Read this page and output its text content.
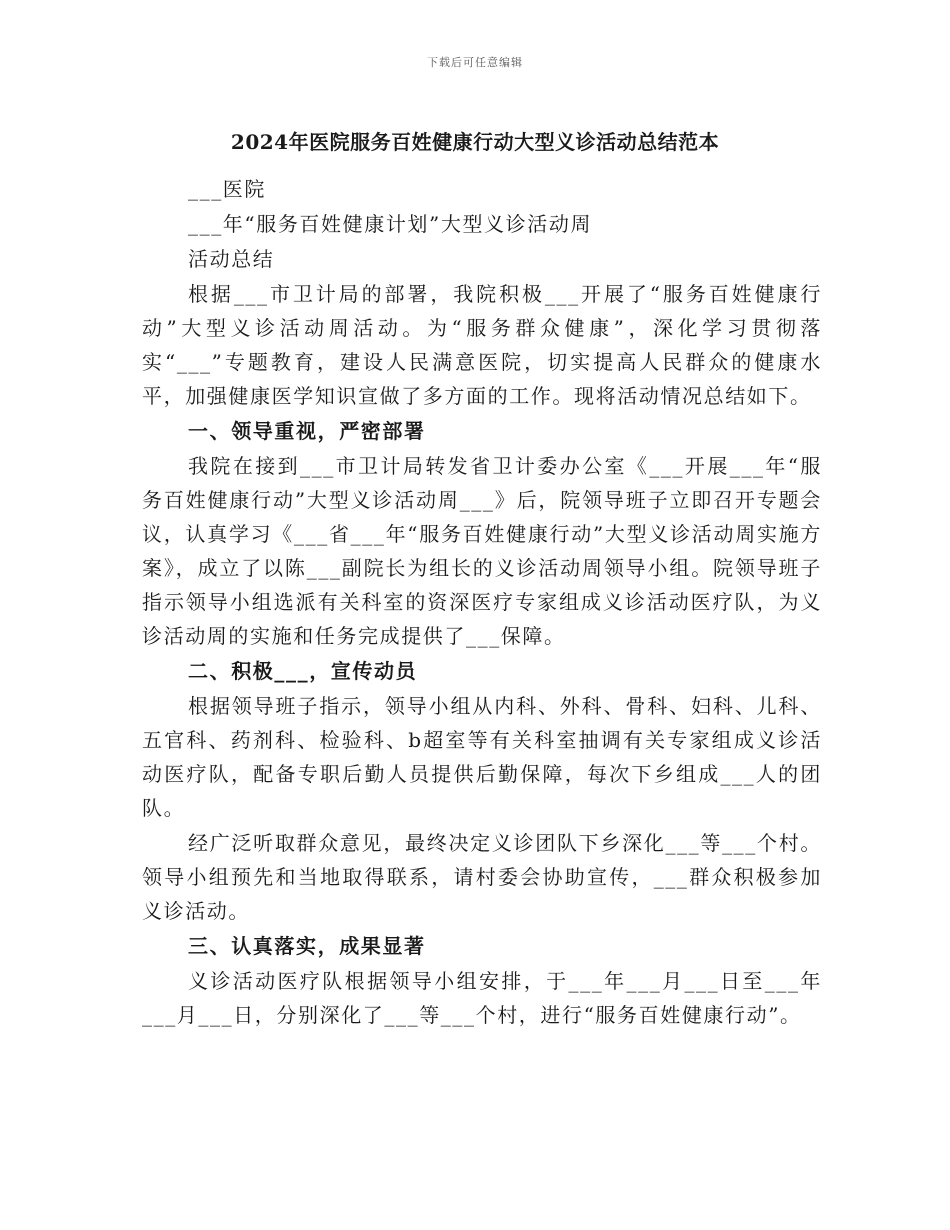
下载后可任意编辑
2024年医院服务百姓健康行动大型义诊活动总结范本

___医院

___年“服务百姓健康计划”大型义诊活动周

活动总结

根据___市卫计局的部署，我院积极___开展了“服务百姓健康行动”大型义诊活动周活动。为“服务群众健康”，深化学习贯彻落实“___”专题教育，建设人民满意医院，切实提高人民群众的健康水平，加强健康医学知识宣做了多方面的工作。现将活动情况总结如下。

一、领导重视，严密部署

我院在接到___市卫计局转发省卫计委办公室《___开展___年“服务百姓健康行动”大型义诊活动周___》后，院领导班子立即召开专题会议，认真学习《___省___年“服务百姓健康行动”大型义诊活动周实施方案》，成立了以陈___副院长为组长的义诊活动周领导小组。院领导班子指示领导小组选派有关科室的资深医疗专家组成义诊活动医疗队，为义诊活动周的实施和任务完成提供了___保障。

二、积极___，宣传动员

根据领导班子指示，领导小组从内科、外科、骨科、妇科、儿科、五官科、药剂科、检验科、b超室等有关科室抽调有关专家组成义诊活动医疗队，配备专职后勤人员提供后勤保障，每次下乡组成___人的团队。

经广泛听取群众意见，最终决定义诊团队下乡深化___等___个村。领导小组预先和当地取得联系，请村委会协助宣传，___群众积极参加义诊活动。

三、认真落实，成果显著

义诊活动医疗队根据领导小组安排，于___年___月___日至___年___月___日，分别深化了___等___个村，进行“服务百姓健康行动”。
